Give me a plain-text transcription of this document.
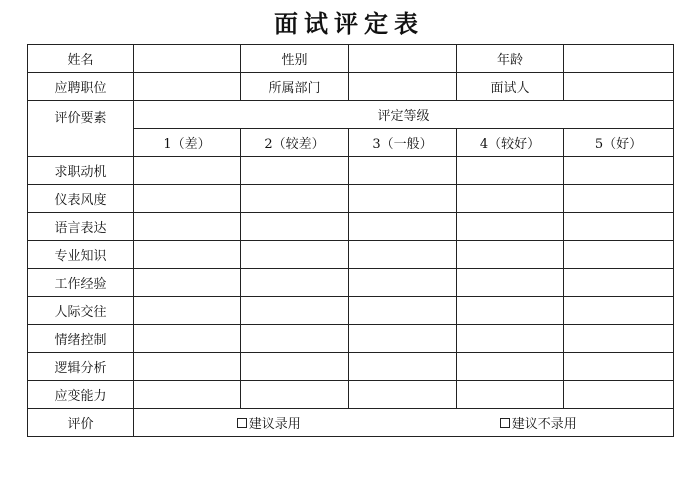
面试评定表
姓名		性别		年龄	
应聘职位		所属部门		面试人	
评价要素	评定等级				
	1（差）	2（较差）	3（一般）	4（较好）	5（好）
求职动机					
仪表风度					
语言表达					
专业知识					
工作经验					
人际交往					
情绪控制					
逻辑分析					
应变能力					
评价	建议录用 建议不录用				
